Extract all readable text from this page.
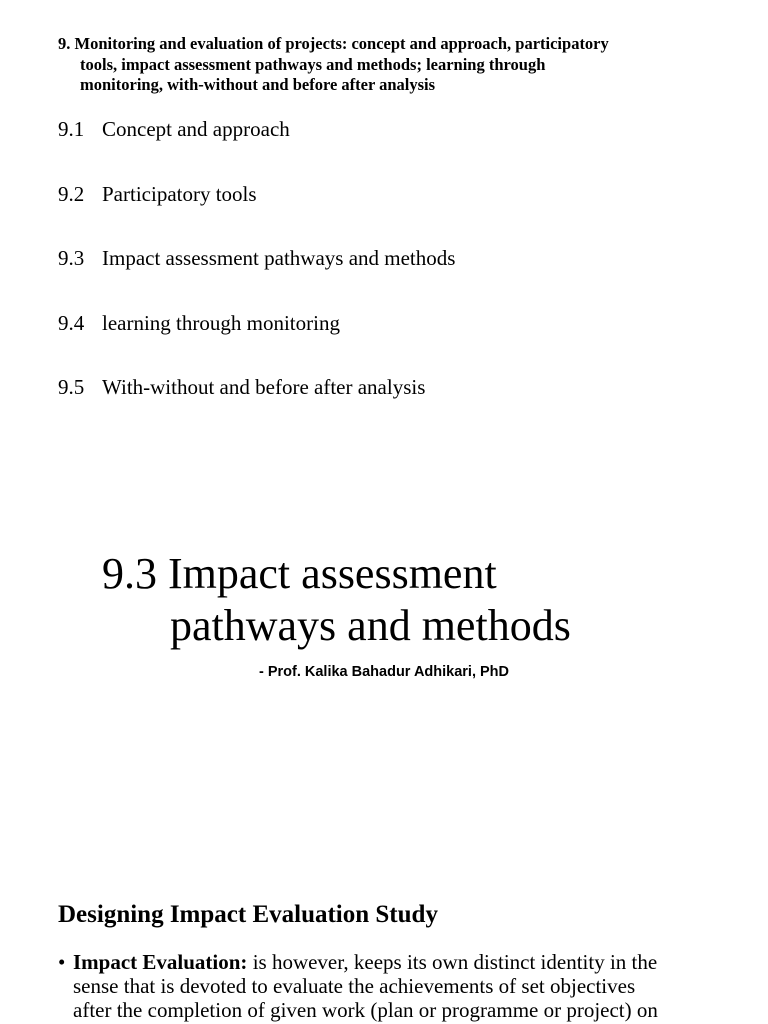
9. Monitoring and evaluation of projects: concept and approach, participatory
tools, impact assessment pathways and methods; learning through
monitoring, with-without and before after analysis
9.1 Concept and approach
9.2 Participatory tools
9.3 Impact assessment pathways and methods
9.4 learning through monitoring
9.5 With-without and before after analysis
9.3 Impact assessment
pathways and methods
- Prof. Kalika Bahadur Adhikari, PhD
Designing Impact Evaluation Study
• Impact Evaluation: is however, keeps its own distinct identity in the
sense that is devoted to evaluate the achievements of set objectives
after the completion of given work (plan or programme or project) on
